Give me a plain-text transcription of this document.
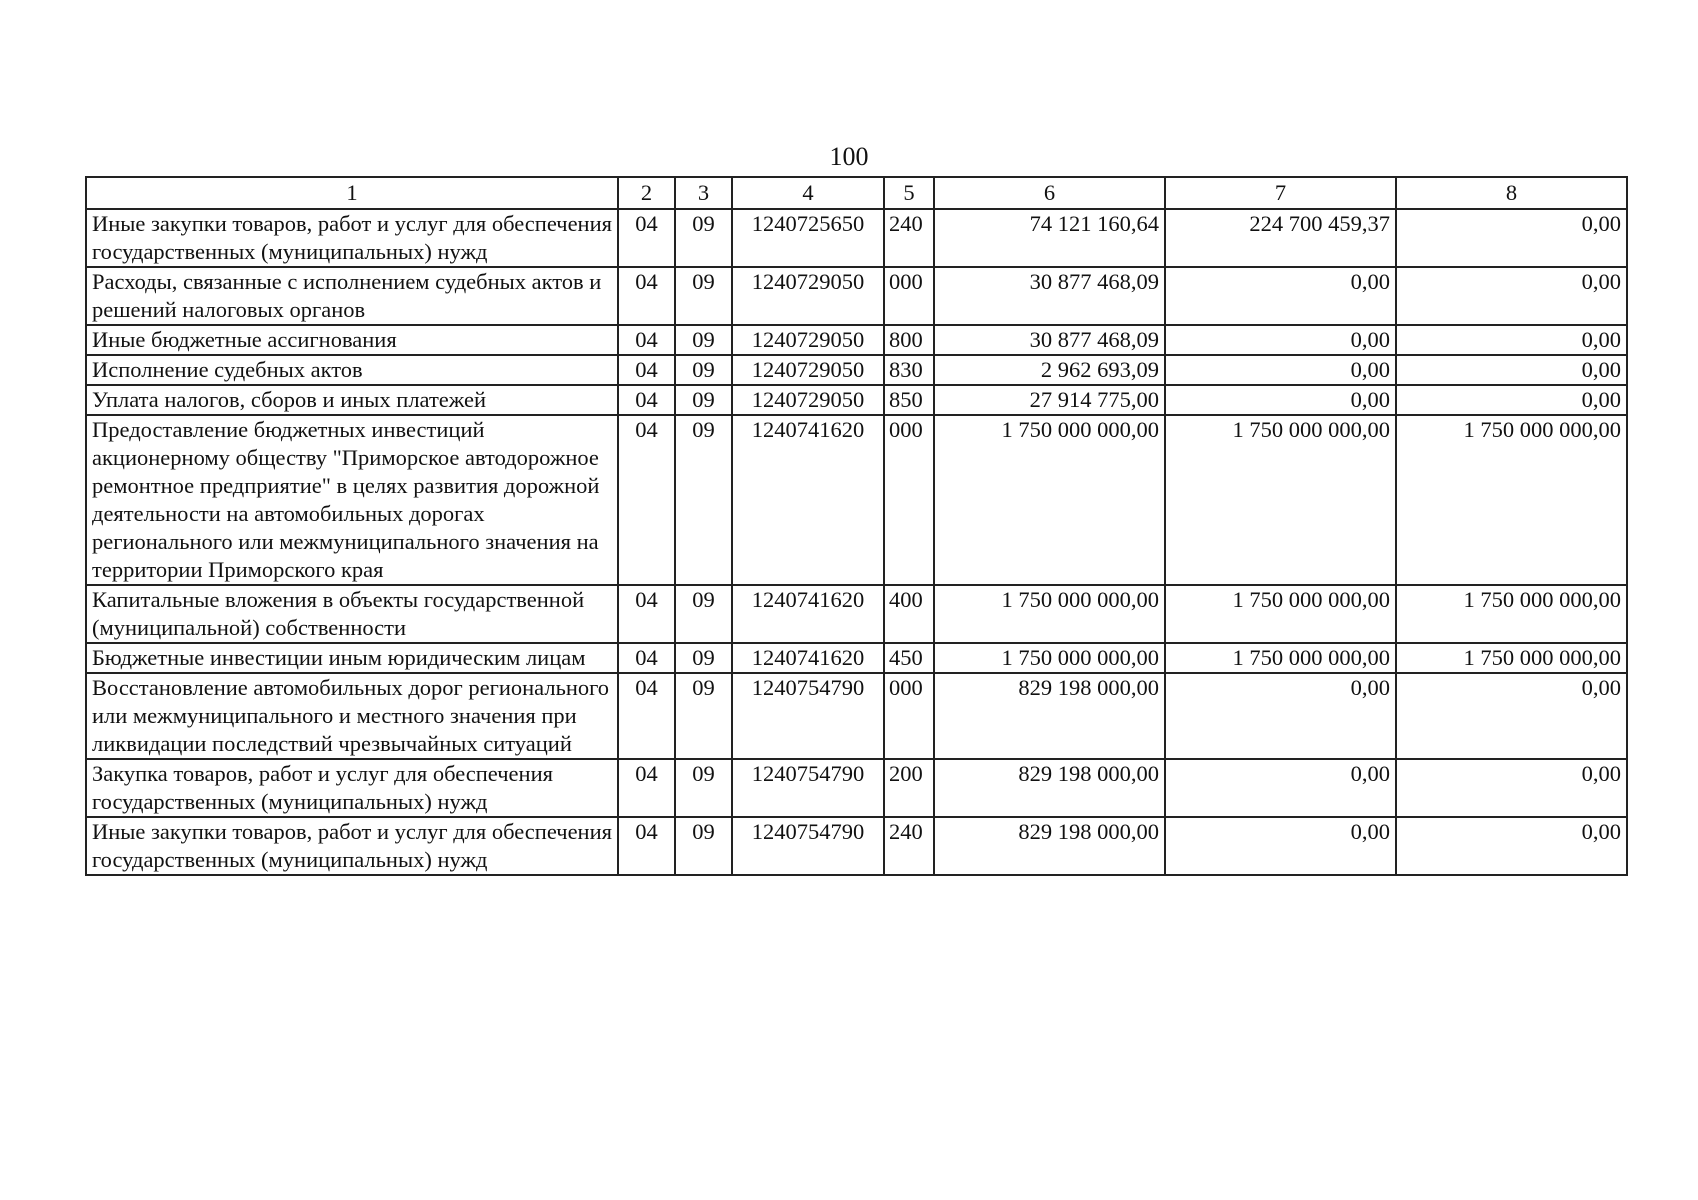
100
1	2	3	4	5	6	7	8
Иные закупки товаров, работ и услуг для обеспечения государственных (муниципальных) нужд	04	09	1240725650	240	74 121 160,64	224 700 459,37	0,00
Расходы, связанные с исполнением судебных актов и решений налоговых органов	04	09	1240729050	000	30 877 468,09	0,00	0,00
Иные бюджетные ассигнования	04	09	1240729050	800	30 877 468,09	0,00	0,00
Исполнение судебных актов	04	09	1240729050	830	2 962 693,09	0,00	0,00
Уплата налогов, сборов и иных платежей	04	09	1240729050	850	27 914 775,00	0,00	0,00
Предоставление бюджетных инвестиций акционерному обществу "Приморское автодорожное ремонтное предприятие" в целях развития дорожной деятельности на автомобильных дорогах регионального или межмуниципального значения на территории Приморского края	04	09	1240741620	000	1 750 000 000,00	1 750 000 000,00	1 750 000 000,00
Капитальные вложения в объекты государственной (муниципальной) собственности	04	09	1240741620	400	1 750 000 000,00	1 750 000 000,00	1 750 000 000,00
Бюджетные инвестиции иным юридическим лицам	04	09	1240741620	450	1 750 000 000,00	1 750 000 000,00	1 750 000 000,00
Восстановление автомобильных дорог регионального или межмуниципального и местного значения при ликвидации последствий чрезвычайных ситуаций	04	09	1240754790	000	829 198 000,00	0,00	0,00
Закупка товаров, работ и услуг для обеспечения государственных (муниципальных) нужд	04	09	1240754790	200	829 198 000,00	0,00	0,00
Иные закупки товаров, работ и услуг для обеспечения государственных (муниципальных) нужд	04	09	1240754790	240	829 198 000,00	0,00	0,00
